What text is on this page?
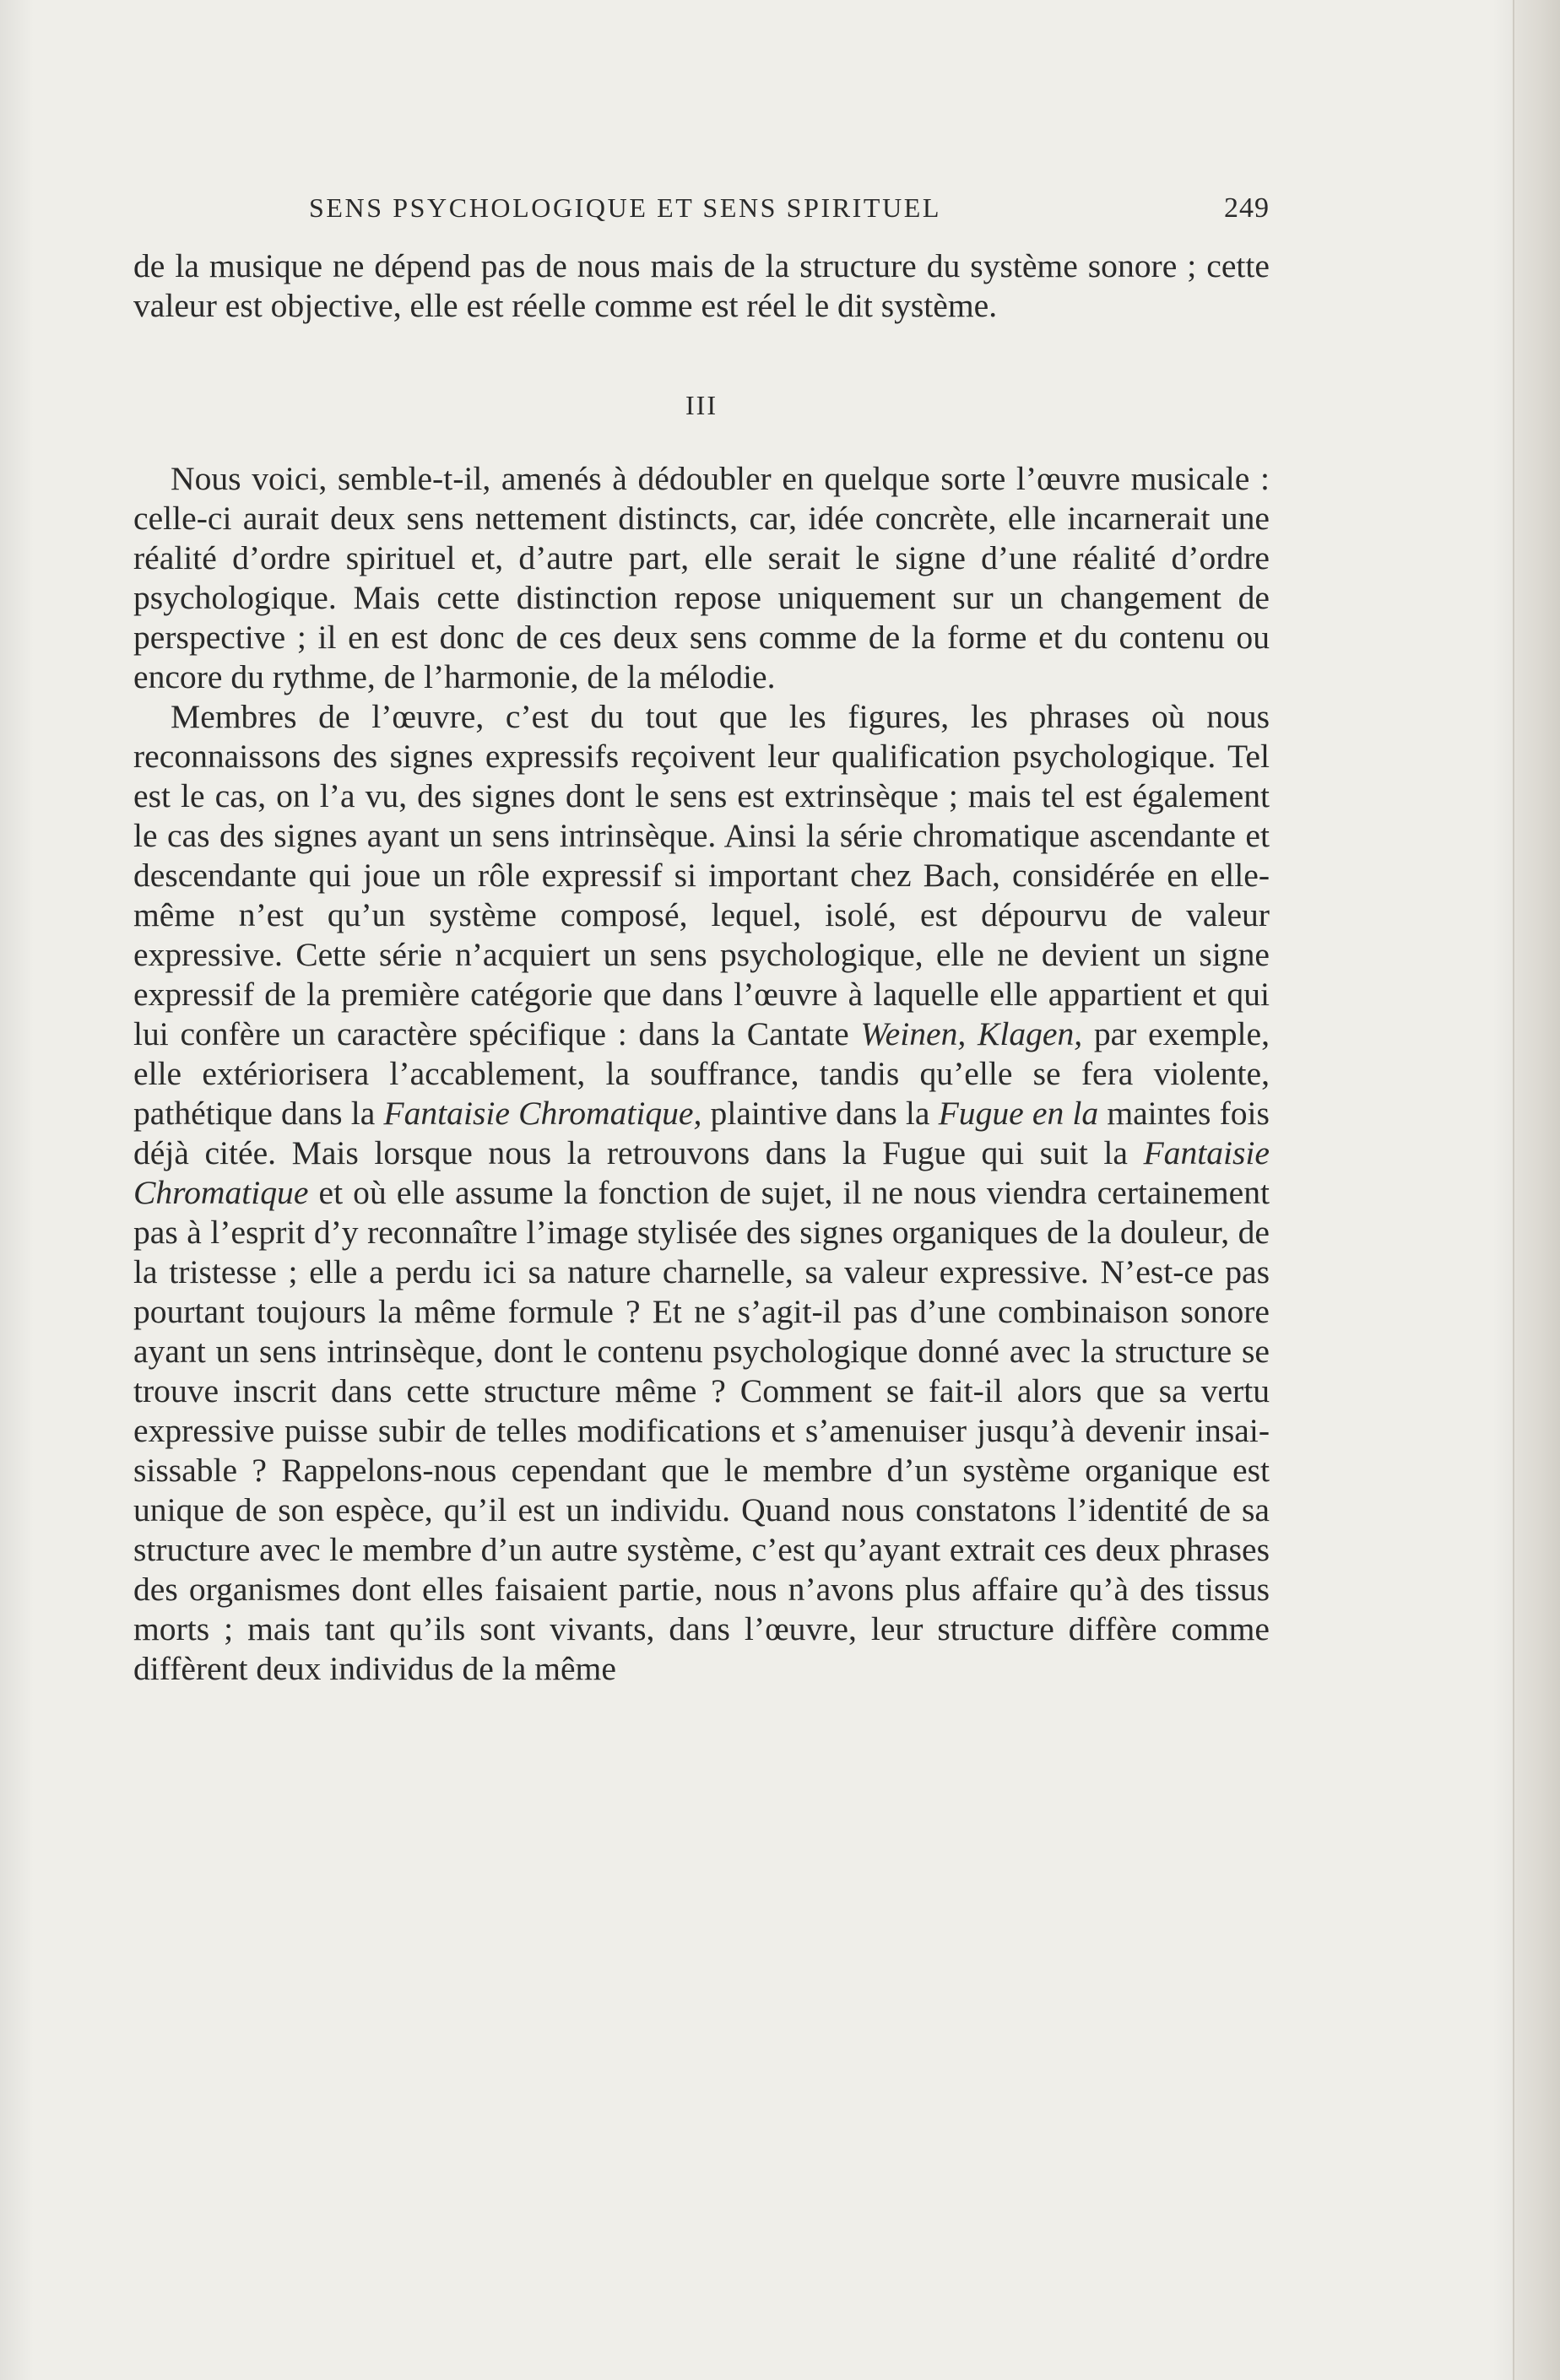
SENS PSYCHOLOGIQUE ET SENS SPIRITUEL	249

de la musique ne dépend pas de nous mais de la structure du système sonore ; cette valeur est objective, elle est réelle comme est réel le dit système.

III

Nous voici, semble-t-il, amenés à dédoubler en quelque sorte l’œuvre musicale : celle-ci aurait deux sens nettement distincts, car, idée concrète, elle incarnerait une réalité d’ordre spirituel et, d’autre part, elle serait le signe d’une réalité d’ordre psychologique. Mais cette distinction repose uniquement sur un changement de perspective ; il en est donc de ces deux sens comme de la forme et du contenu ou encore du rythme, de l’harmonie, de la mélodie.

Membres de l’œuvre, c’est du tout que les figures, les phrases où nous reconnaissons des signes expressifs reçoivent leur qualification psychologique. Tel est le cas, on l’a vu, des signes dont le sens est extrinsèque ; mais tel est également le cas des signes ayant un sens intrinsèque. Ainsi la série chromatique ascendante et descendante qui joue un rôle expressif si important chez Bach, considérée en elle-même n’est qu’un système composé, lequel, isolé, est dépourvu de valeur expressive. Cette série n’acquiert un sens psychologique, elle ne devient un signe expressif de la première catégorie que dans l’œuvre à laquelle elle appartient et qui lui confère un caractère spécifique : dans la Cantate Weinen, Klagen, par exemple, elle extériorisera l’accablement, la souffrance, tandis qu’elle se fera violente, pathétique dans la Fantaisie Chromatique, plaintive dans la Fugue en la maintes fois déjà citée. Mais lorsque nous la retrouvons dans la Fugue qui suit la Fantaisie Chromatique et où elle assume la fonction de sujet, il ne nous viendra certainement pas à l’esprit d’y reconnaître l’image stylisée des signes organiques de la douleur, de la tristesse ; elle a perdu ici sa nature charnelle, sa valeur expressive. N’est-ce pas pourtant toujours la même formule ? Et ne s’agit-il pas d’une combinaison sonore ayant un sens intrinsèque, dont le contenu psychologique donné avec la structure se trouve inscrit dans cette structure même ? Comment se fait-il alors que sa vertu expressive puisse subir de telles modifications et s’amenuiser jusqu’à devenir insaisissable ? Rappelons-nous cependant que le membre d’un système organique est unique de son espèce, qu’il est un individu. Quand nous constatons l’identité de sa structure avec le membre d’un autre système, c’est qu’ayant extrait ces deux phrases des organismes dont elles faisaient partie, nous n’avons plus affaire qu’à des tissus morts ; mais tant qu’ils sont vivants, dans l’œuvre, leur structure diffère comme diffèrent deux individus de la même
